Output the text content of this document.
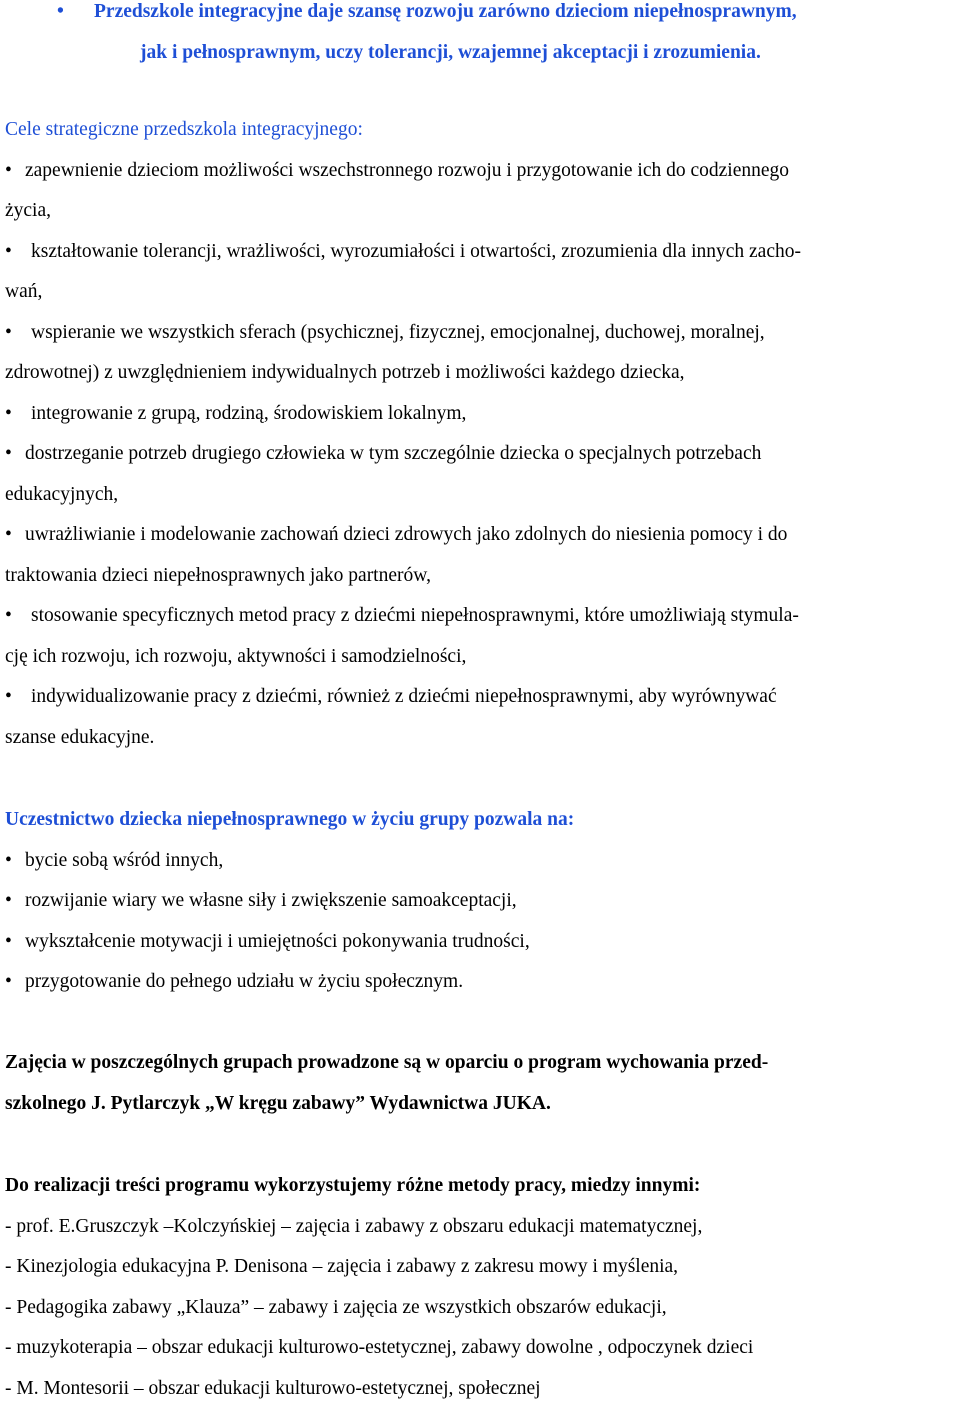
• Przedszkole integracyjne daje szansę rozwoju zarówno dzieciom niepełnosprawnym,
jak i pełnosprawnym, uczy tolerancji, wzajemnej akceptacji i zrozumienia.
Cele strategiczne przedszkola integracyjnego:
• zapewnienie dzieciom możliwości wszechstronnego rozwoju i przygotowanie ich do codziennego
życia,
• kształtowanie tolerancji, wrażliwości, wyrozumiałości i otwartości, zrozumienia dla innych zacho-
wań,
• wspieranie we wszystkich sferach (psychicznej, fizycznej, emocjonalnej, duchowej, moralnej,
zdrowotnej) z uwzględnieniem indywidualnych potrzeb i możliwości każdego dziecka,
• integrowanie z grupą, rodziną, środowiskiem lokalnym,
• dostrzeganie potrzeb drugiego człowieka w tym szczególnie dziecka o specjalnych potrzebach
edukacyjnych,
• uwrażliwianie i modelowanie zachowań dzieci zdrowych jako zdolnych do niesienia pomocy i do
traktowania dzieci niepełnosprawnych jako partnerów,
• stosowanie specyficznych metod pracy z dziećmi niepełnosprawnymi, które umożliwiają stymula-
cję ich rozwoju, ich rozwoju, aktywności i samodzielności,
• indywidualizowanie pracy z dziećmi, również z dziećmi niepełnosprawnymi, aby wyrównywać
szanse edukacyjne.
Uczestnictwo dziecka niepełnosprawnego w życiu grupy pozwala na:
• bycie sobą wśród innych,
• rozwijanie wiary we własne siły i zwiększenie samoakceptacji,
• wykształcenie motywacji i umiejętności pokonywania trudności,
• przygotowanie do pełnego udziału w życiu społecznym.
Zajęcia w poszczególnych grupach prowadzone są w oparciu o program wychowania przed-
szkolnego J. Pytlarczyk „W kręgu zabawy” Wydawnictwa JUKA.
Do realizacji treści programu wykorzystujemy różne metody pracy, miedzy innymi:
- prof. E.Gruszczyk –Kolczyńskiej – zajęcia i zabawy z obszaru edukacji matematycznej,
- Kinezjologia edukacyjna P. Denisona – zajęcia i zabawy z zakresu mowy i myślenia,
- Pedagogika zabawy „Klauza” – zabawy i zajęcia ze wszystkich obszarów edukacji,
- muzykoterapia – obszar edukacji kulturowo-estetycznej, zabawy dowolne , odpoczynek dzieci
- M. Montesorii – obszar edukacji kulturowo-estetycznej, społecznej
